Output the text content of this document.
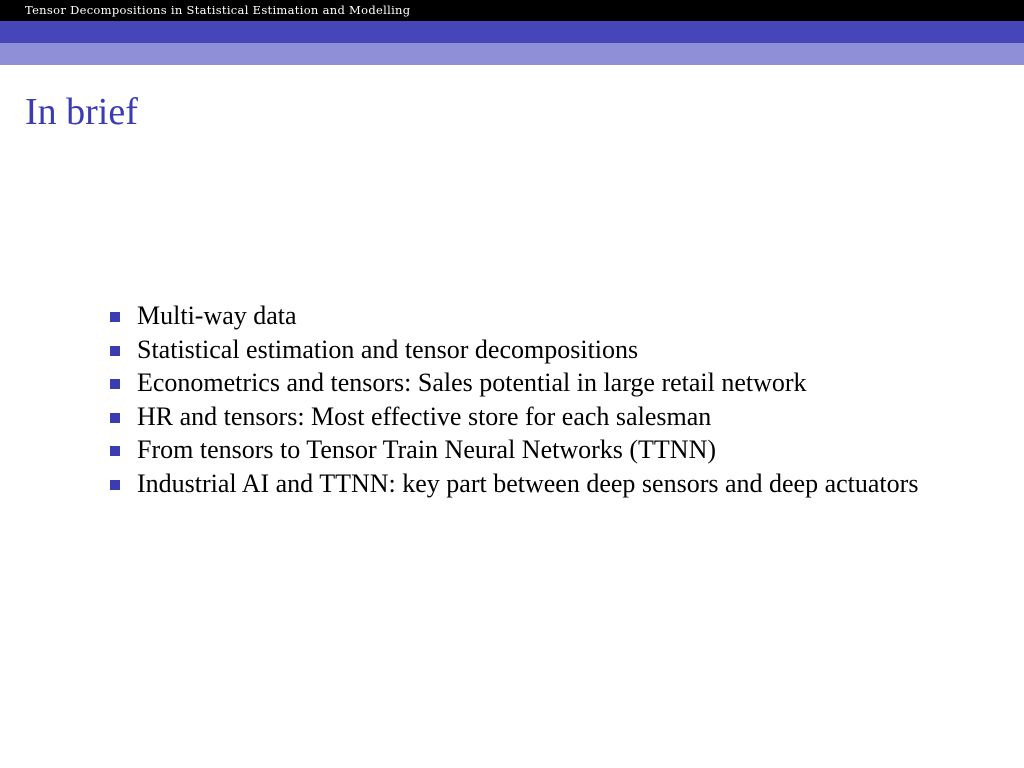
Tensor Decompositions in Statistical Estimation and Modelling
In brief
Multi-way data
Statistical estimation and tensor decompositions
Econometrics and tensors: Sales potential in large retail network
HR and tensors: Most effective store for each salesman
From tensors to Tensor Train Neural Networks (TTNN)
Industrial AI and TTNN: key part between deep sensors and deep actuators
